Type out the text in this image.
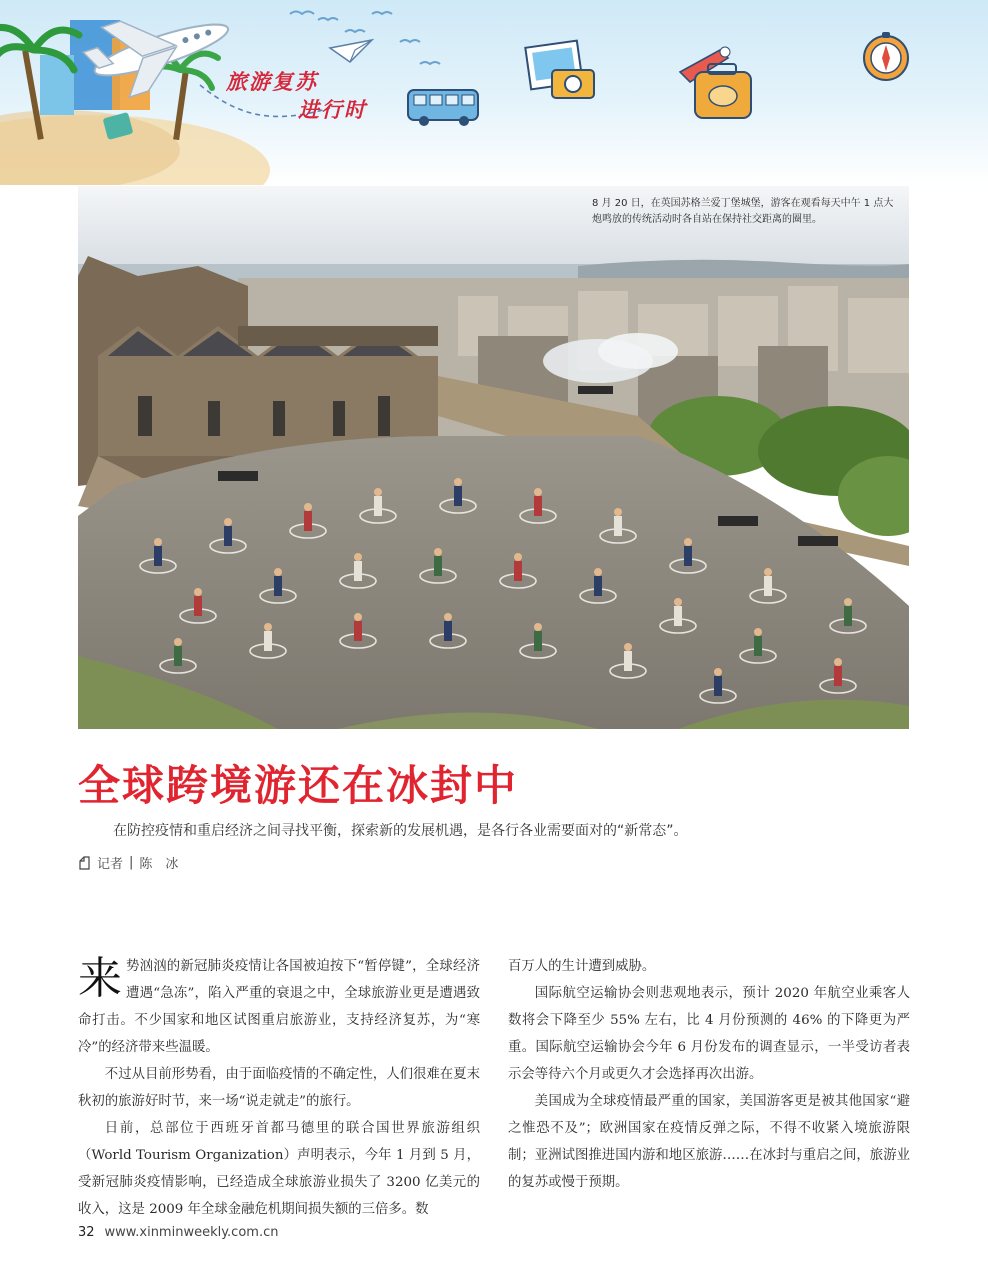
旅游复苏
进行时
8 月 20 日，在英国苏格兰爱丁堡城堡，游客在观看每天中午 1 点大炮鸣放的传统活动时各自站在保持社交距离的圈里。
全球跨境游还在冰封中
在防控疫情和重启经济之间寻找平衡，探索新的发展机遇，是各行各业需要面对的“新常态”。
记者 | 陈　冰

来势汹汹的新冠肺炎疫情让各国被迫按下“暂停键”，全球经济遭遇“急冻”，陷入严重的衰退之中，全球旅游业更是遭遇致命打击。不少国家和地区试图重启旅游业，支持经济复苏，为“寒冷”的经济带来些温暖。

不过从目前形势看，由于面临疫情的不确定性，人们很难在夏末秋初的旅游好时节，来一场“说走就走”的旅行。

日前，总部位于西班牙首都马德里的联合国世界旅游组织（World Tourism Organization）声明表示，今年 1 月到 5 月，受新冠肺炎疫情影响，已经造成全球旅游业损失了 3200 亿美元的收入，这是 2009 年全球金融危机期间损失额的三倍多。数

百万人的生计遭到威胁。

国际航空运输协会则悲观地表示，预计 2020 年航空业乘客人数将会下降至少 55% 左右，比 4 月份预测的 46% 的下降更为严重。国际航空运输协会今年 6 月份发布的调查显示，一半受访者表示会等待六个月或更久才会选择再次出游。

美国成为全球疫情最严重的国家，美国游客更是被其他国家“避之惟恐不及”；欧洲国家在疫情反弹之际，不得不收紧入境旅游限制；亚洲试图推进国内游和地区旅游……在冰封与重启之间，旅游业的复苏或慢于预期。

32 www.xinminweekly.com.cn
